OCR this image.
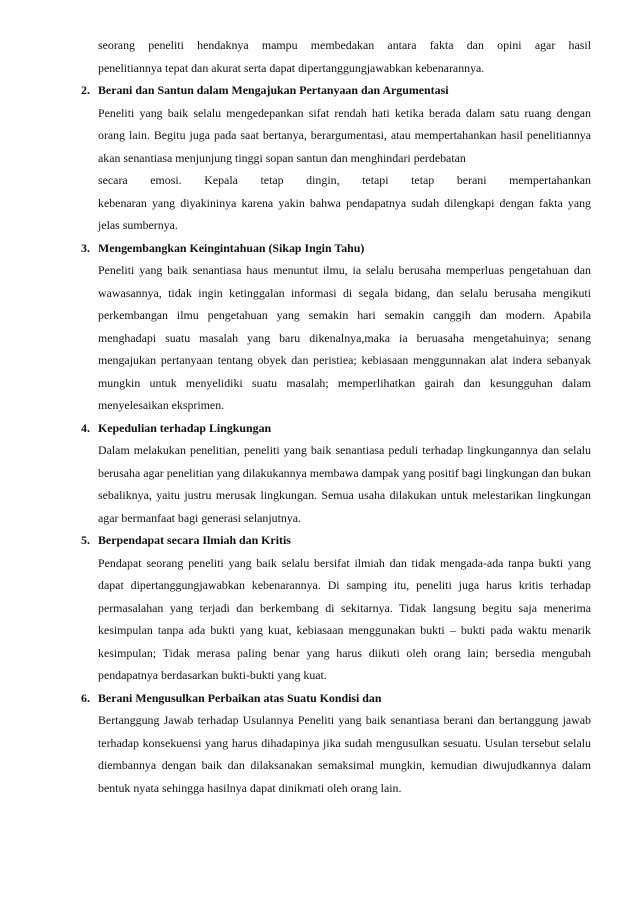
seorang peneliti hendaknya mampu membedakan antara fakta dan opini agar hasil
penelitiannya tepat dan akurat serta dapat dipertanggungjawabkan kebenarannya.
2. Berani dan Santun dalam Mengajukan Pertanyaan dan Argumentasi
Peneliti yang baik selalu mengedepankan sifat rendah hati ketika berada dalam satu ruang dengan orang lain. Begitu juga pada saat bertanya, berargumentasi, atau mempertahankan hasil penelitiannya akan senantiasa menjunjung tinggi sopan santun dan menghindari perdebatan
secara emosi. Kepala tetap dingin, tetapi tetap berani mempertahankan
kebenaran yang diyakininya karena yakin bahwa pendapatnya sudah dilengkapi dengan fakta yang jelas sumbernya.
3. Mengembangkan Keingintahuan (Sikap Ingin Tahu)
Peneliti yang baik senantiasa haus menuntut ilmu, ia selalu berusaha memperluas pengetahuan dan wawasannya, tidak ingin ketinggalan informasi di segala bidang, dan selalu berusaha mengikuti perkembangan ilmu pengetahuan yang semakin hari semakin canggih dan modern. Apabila menghadapi suatu masalah yang baru dikenalnya,maka ia beruasaha mengetahuinya; senang mengajukan pertanyaan tentang obyek dan peristiea; kebiasaan menggunnakan alat indera sebanyak mungkin untuk menyelidiki suatu masalah; memperlihatkan gairah dan kesungguhan dalam menyelesaikan eksprimen.
4. Kepedulian terhadap Lingkungan
Dalam melakukan penelitian, peneliti yang baik senantiasa peduli terhadap lingkungannya dan selalu berusaha agar penelitian yang dilakukannya membawa dampak yang positif bagi lingkungan dan bukan sebaliknya, yaitu justru merusak lingkungan. Semua usaha dilakukan untuk melestarikan lingkungan agar bermanfaat bagi generasi selanjutnya.
5. Berpendapat secara Ilmiah dan Kritis
Pendapat seorang peneliti yang baik selalu bersifat ilmiah dan tidak mengada-ada tanpa bukti yang dapat dipertanggungjawabkan kebenarannya. Di samping itu, peneliti juga harus kritis terhadap permasalahan yang terjadi dan berkembang di sekitarnya. Tidak langsung begitu saja menerima kesimpulan tanpa ada bukti yang kuat, kebiasaan menggunakan bukti – bukti pada waktu menarik kesimpulan; Tidak merasa paling benar yang harus diikuti oleh orang lain; bersedia mengubah pendapatnya berdasarkan bukti-bukti yang kuat.
6. Berani Mengusulkan Perbaikan atas Suatu Kondisi dan
Bertanggung Jawab terhadap Usulannya Peneliti yang baik senantiasa berani dan bertanggung jawab terhadap konsekuensi yang harus dihadapinya jika sudah mengusulkan sesuatu. Usulan tersebut selalu diembannya dengan baik dan dilaksanakan semaksimal mungkin, kemudian diwujudkannya dalam bentuk nyata sehingga hasilnya dapat dinikmati oleh orang lain.
